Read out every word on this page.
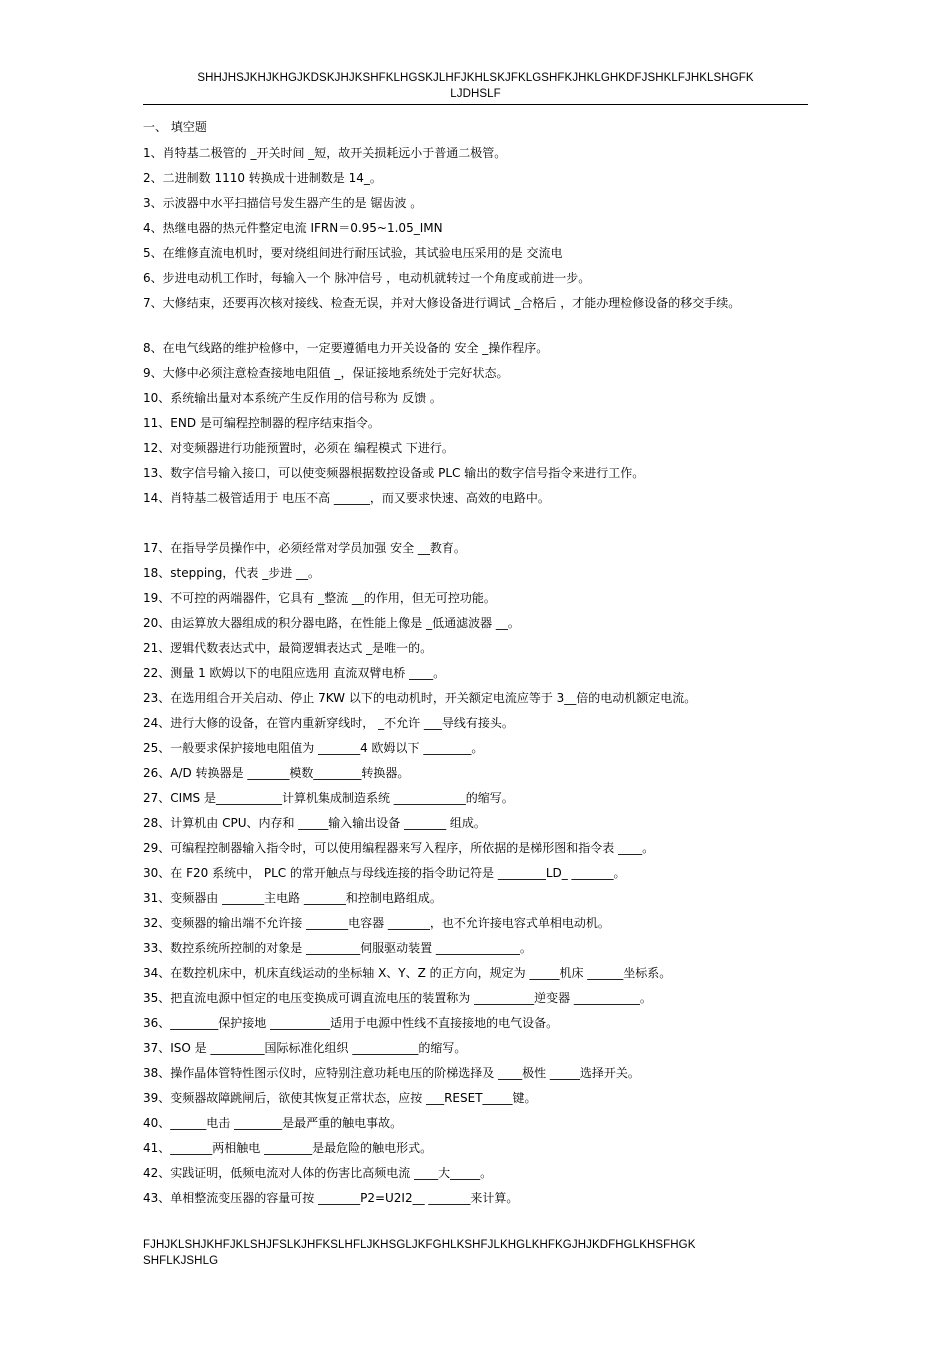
SHHJHSJKHJKHGJKDSKJHJKSHFKLHGSKJLHFJKHLSKJFKLGSHFKJHKLGHKDFJSHKLFJHKLSHGFK
LJDHSLF
一、 填空题
1、肖特基二极管的 _开关时间 _短，故开关损耗远小于普通二极管。
2、二进制数 1110 转换成十进制数是 14_。
3、示波器中水平扫描信号发生器产生的是 锯齿波 。
4、热继电器的热元件整定电流 IFRN＝0.95~1.05_IMN
5、在维修直流电机时，要对绕组间进行耐压试验，其试验电压采用的是 交流电
6、步进电动机工作时，每输入一个 脉冲信号 ，电动机就转过一个角度或前进一步。
7、大修结束，还要再次核对接线、检查无误，并对大修设备进行调试 _合格后 ，才能办理检修设备的移交手续。
8、在电气线路的维护检修中，一定要遵循电力开关设备的 安全 _操作程序。
9、大修中必须注意检查接地电阻值 _，保证接地系统处于完好状态。
10、系统输出量对本系统产生反作用的信号称为 反馈 。
11、END 是可编程控制器的程序结束指令。
12、对变频器进行功能预置时，必须在 编程模式 下进行。
13、数字信号输入接口，可以使变频器根据数控设备或 PLC 输出的数字信号指令来进行工作。
14、肖特基二极管适用于 电压不高 ______，而又要求快速、高效的电路中。
17、在指导学员操作中，必须经常对学员加强 安全 __教育。
18、stepping，代表 _步进 __。
19、不可控的两端器件，它具有 _整流 __的作用，但无可控功能。
20、由运算放大器组成的积分器电路，在性能上像是 _低通滤波器 __。
21、逻辑代数表达式中，最简逻辑表达式 _是唯一的。
22、测量 1 欧姆以下的电阻应选用 直流双臂电桥 ____。
23、在选用组合开关启动、停止 7KW 以下的电动机时，开关额定电流应等于 3__倍的电动机额定电流。
24、进行大修的设备，在管内重新穿线时， _不允许 ___导线有接头。
25、一般要求保护接地电阻值为 _______4 欧姆以下 ________。
26、A/D 转换器是 _______模数________转换器。
27、CIMS 是___________计算机集成制造系统 ____________的缩写。
28、计算机由 CPU、内存和 _____输入输出设备 _______ 组成。
29、可编程控制器输入指令时，可以使用编程器来写入程序，所依据的是梯形图和指令表 ____。
30、在 F20 系统中， PLC 的常开触点与母线连接的指令助记符是 ________LD_ _______。
31、变频器由 _______主电路 _______和控制电路组成。
32、变频器的输出端不允许接 _______电容器 _______，也不允许接电容式单相电动机。
33、数控系统所控制的对象是 _________伺服驱动装置 ______________。
34、在数控机床中，机床直线运动的坐标轴 X、Y、Z 的正方向，规定为 _____机床 ______坐标系。
35、把直流电源中恒定的电压变换成可调直流电压的装置称为 __________逆变器 ___________。
36、________保护接地 __________适用于电源中性线不直接接地的电气设备。
37、ISO 是 _________国际标准化组织 ___________的缩写。
38、操作晶体管特性图示仪时，应特别注意功耗电压的阶梯选择及 ____极性 _____选择开关。
39、变频器故障跳闸后，欲使其恢复正常状态，应按 ___RESET_____键。
40、______电击 ________是最严重的触电事故。
41、_______两相触电 ________是最危险的触电形式。
42、实践证明，低频电流对人体的伤害比高频电流 ____大_____。
43、单相整流变压器的容量可按 _______P2=U2I2__ _______来计算。
FJHJKLSHJKHFJKLSHJFSLKJHFKSLHFLJKHSGLJKFGHLKSHFJLKHGLKHFKGJHJKDFHGLKHSFHGK
SHFLKJSHLG
